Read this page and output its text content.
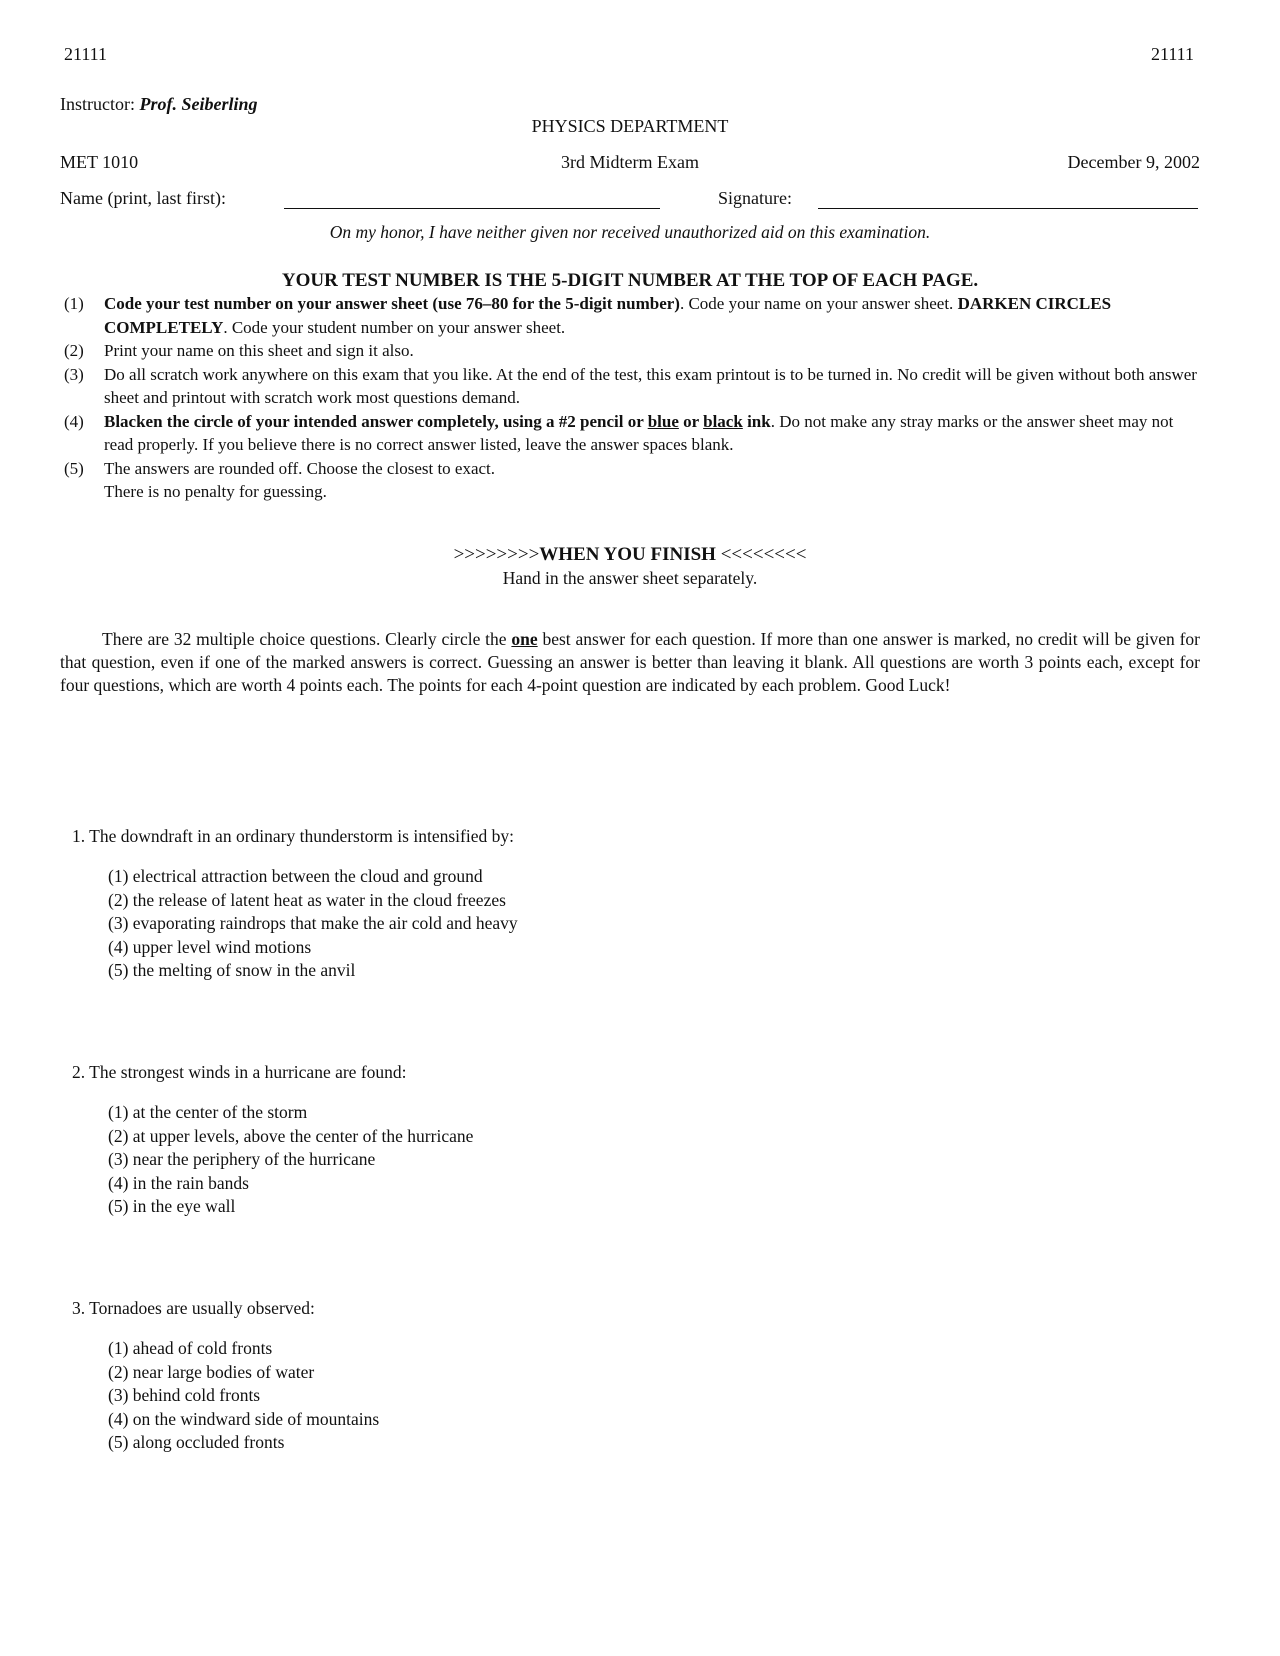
21111	21111
Instructor: Prof. Seiberling
PHYSICS DEPARTMENT
MET 1010	3rd Midterm Exam	December 9, 2002
Name (print, last first):	Signature:
On my honor, I have neither given nor received unauthorized aid on this examination.
YOUR TEST NUMBER IS THE 5-DIGIT NUMBER AT THE TOP OF EACH PAGE.
(1) Code your test number on your answer sheet (use 76–80 for the 5-digit number). Code your name on your answer sheet. DARKEN CIRCLES COMPLETELY. Code your student number on your answer sheet.
(2) Print your name on this sheet and sign it also.
(3) Do all scratch work anywhere on this exam that you like. At the end of the test, this exam printout is to be turned in. No credit will be given without both answer sheet and printout with scratch work most questions demand.
(4) Blacken the circle of your intended answer completely, using a #2 pencil or blue or black ink. Do not make any stray marks or the answer sheet may not read properly. If you believe there is no correct answer listed, leave the answer spaces blank.
(5) The answers are rounded off. Choose the closest to exact.
There is no penalty for guessing.
>>>>>>>>WHEN YOU FINISH <<<<<<<<
Hand in the answer sheet separately.
There are 32 multiple choice questions. Clearly circle the one best answer for each question. If more than one answer is marked, no credit will be given for that question, even if one of the marked answers is correct. Guessing an answer is better than leaving it blank. All questions are worth 3 points each, except for four questions, which are worth 4 points each. The points for each 4-point question are indicated by each problem. Good Luck!
1. The downdraft in an ordinary thunderstorm is intensified by:
(1) electrical attraction between the cloud and ground
(2) the release of latent heat as water in the cloud freezes
(3) evaporating raindrops that make the air cold and heavy
(4) upper level wind motions
(5) the melting of snow in the anvil
2. The strongest winds in a hurricane are found:
(1) at the center of the storm
(2) at upper levels, above the center of the hurricane
(3) near the periphery of the hurricane
(4) in the rain bands
(5) in the eye wall
3. Tornadoes are usually observed:
(1) ahead of cold fronts
(2) near large bodies of water
(3) behind cold fronts
(4) on the windward side of mountains
(5) along occluded fronts
